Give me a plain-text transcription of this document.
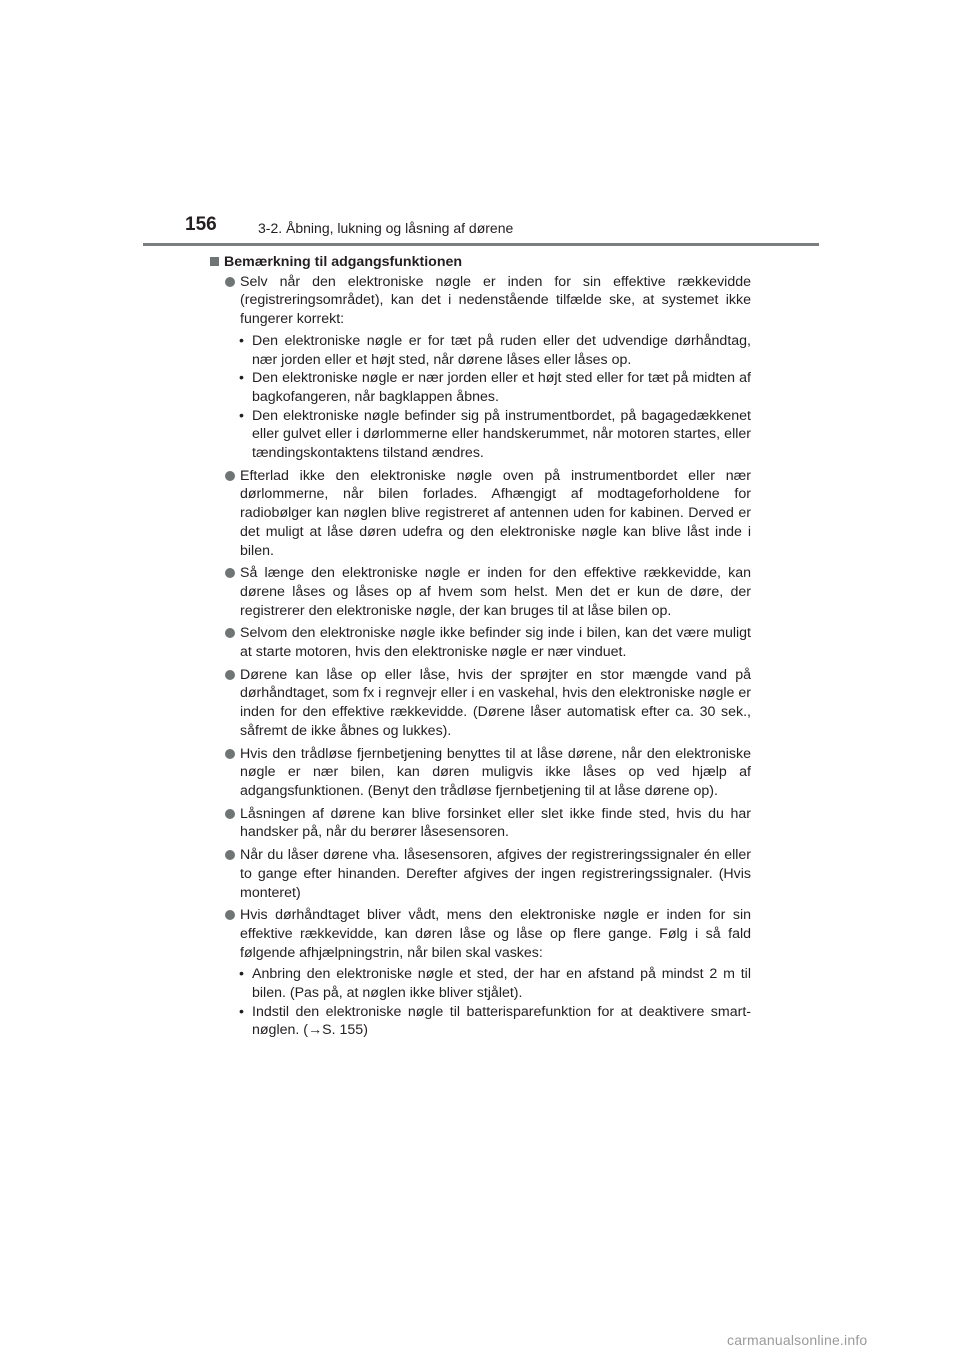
156	3-2. Åbning, lukning og låsning af dørene
Bemærkning til adgangsfunktionen
Selv når den elektroniske nøgle er inden for sin effektive rækkevidde (registreringsområdet), kan det i nedenstående tilfælde ske, at systemet ikke fungerer korrekt:
• Den elektroniske nøgle er for tæt på ruden eller det udvendige dørhåndtag, nær jorden eller et højt sted, når dørene låses eller låses op.
• Den elektroniske nøgle er nær jorden eller et højt sted eller for tæt på midten af bagkofangeren, når bagklappen åbnes.
• Den elektroniske nøgle befinder sig på instrumentbordet, på bagagedækkenet eller gulvet eller i dørlommerne eller handskerummet, når motoren startes, eller tændingskontaktens tilstand ændres.
Efterlad ikke den elektroniske nøgle oven på instrumentbordet eller nær dørlommerne, når bilen forlades. Afhængigt af modtageforholdene for radiobølger kan nøglen blive registreret af antennen uden for kabinen. Derved er det muligt at låse døren udefra og den elektroniske nøgle kan blive låst inde i bilen.
Så længe den elektroniske nøgle er inden for den effektive rækkevidde, kan dørene låses og låses op af hvem som helst. Men det er kun de døre, der registrerer den elektroniske nøgle, der kan bruges til at låse bilen op.
Selvom den elektroniske nøgle ikke befinder sig inde i bilen, kan det være muligt at starte motoren, hvis den elektroniske nøgle er nær vinduet.
Dørene kan låse op eller låse, hvis der sprøjter en stor mængde vand på dørhåndtaget, som fx i regnvejr eller i en vaskehal, hvis den elektroniske nøgle er inden for den effektive rækkevidde. (Dørene låser automatisk efter ca. 30 sek., såfremt de ikke åbnes og lukkes).
Hvis den trådløse fjernbetjening benyttes til at låse dørene, når den elektroniske nøgle er nær bilen, kan døren muligvis ikke låses op ved hjælp af adgangsfunktionen. (Benyt den trådløse fjernbetjening til at låse dørene op).
Låsningen af dørene kan blive forsinket eller slet ikke finde sted, hvis du har handsker på, når du berører låsesensoren.
Når du låser dørene vha. låsesensoren, afgives der registreringssignaler én eller to gange efter hinanden. Derefter afgives der ingen registreringssignaler. (Hvis monteret)
Hvis dørhåndtaget bliver vådt, mens den elektroniske nøgle er inden for sin effektive rækkevidde, kan døren låse og låse op flere gange. Følg i så fald følgende afhjælpningstrin, når bilen skal vaskes:
• Anbring den elektroniske nøgle et sted, der har en afstand på mindst 2 m til bilen. (Pas på, at nøglen ikke bliver stjålet).
• Indstil den elektroniske nøgle til batterisparefunktion for at deaktivere smart-nøglen. (→S. 155)
carmanualsonline.info
